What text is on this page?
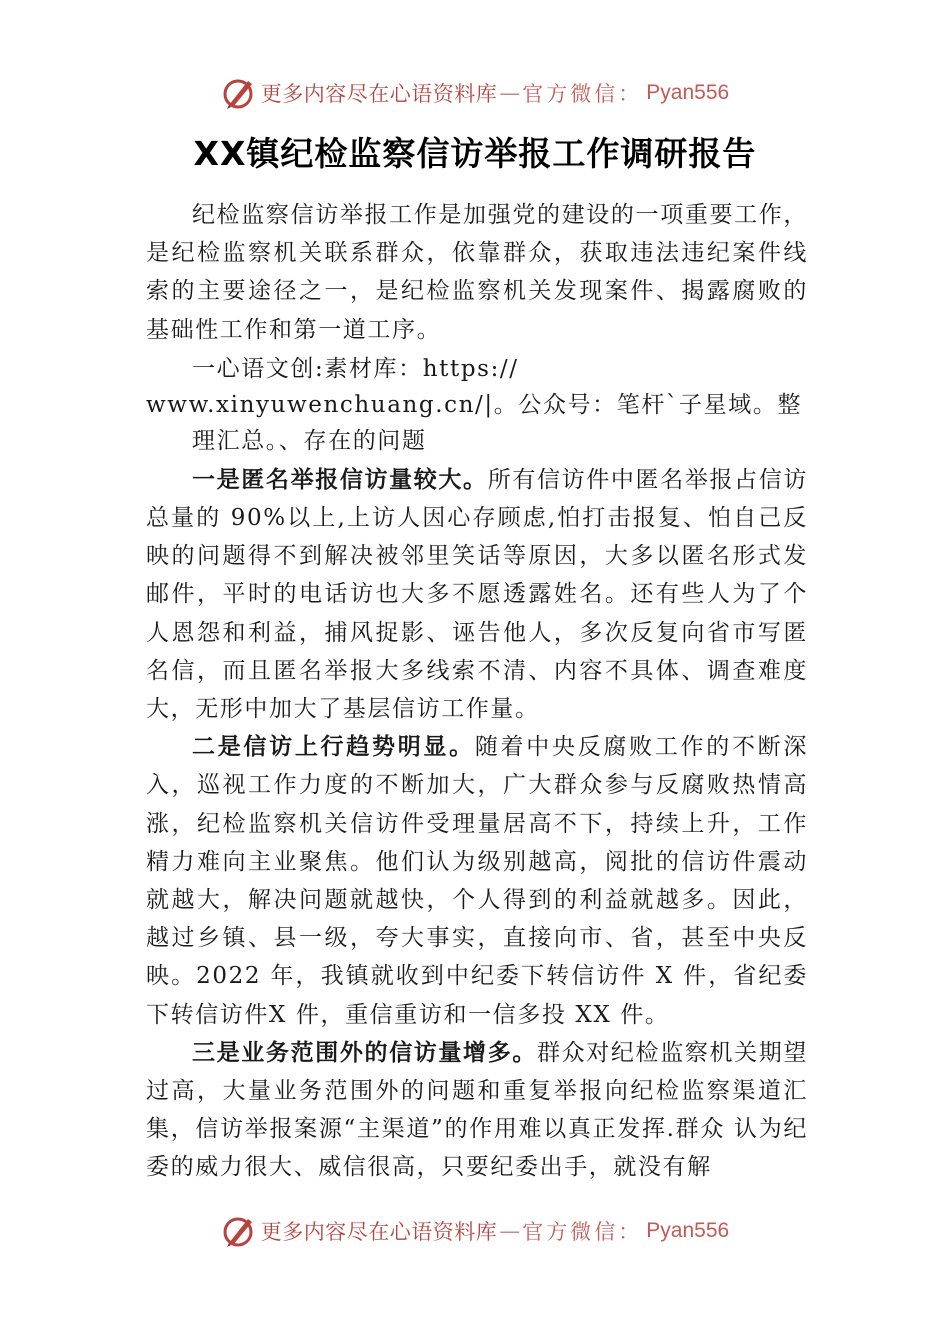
更多内容尽在心语资料库 — 官方微信： Pyan556
XX镇纪检监察信访举报工作调研报告

纪检监察信访举报工作是加强党的建设的一项重要工作，是纪检监察机关联系群众，依靠群众，获取违法违纪案件线索的主要途径之一，是纪检监察机关发现案件、揭露腐败的基础性工作和第一道工序。

一心语文创:素材库：https://
www.xinyuwenchuang.cn/|。公众号：笔杆`子星域。整
理汇总。、存在的问题

一是匿名举报信访量较大。所有信访件中匿名举报占信访总量的 90%以上,上访人因心存顾虑,怕打击报复、怕自己反映的问题得不到解决被邻里笑话等原因，大多以匿名形式发邮件，平时的电话访也大多不愿透露姓名。还有些人为了个人恩怨和利益，捕风捉影、诬告他人，多次反复向省市写匿名信，而且匿名举报大多线索不清、内容不具体、调查难度大，无形中加大了基层信访工作量。

二是信访上行趋势明显。随着中央反腐败工作的不断深入，巡视工作力度的不断加大，广大群众参与反腐败热情高涨，纪检监察机关信访件受理量居高不下，持续上升，工作精力难向主业聚焦。他们认为级别越高，阅批的信访件震动就越大，解决问题就越快，个人得到的利益就越多。因此，越过乡镇、县一级，夸大事实，直接向市、省，甚至中央反映。2022 年，我镇就收到中纪委下转信访件 X 件，省纪委下转信访件X 件，重信重访和一信多投 XX 件。

三是业务范围外的信访量增多。群众对纪检监察机关期望过高，大量业务范围外的问题和重复举报向纪检监察渠道汇集，信访举报案源“主渠道”的作用难以真正发挥.群众 认为纪委的威力很大、威信很高，只要纪委出手，就没有解

更多内容尽在心语资料库 — 官方微信： Pyan556
